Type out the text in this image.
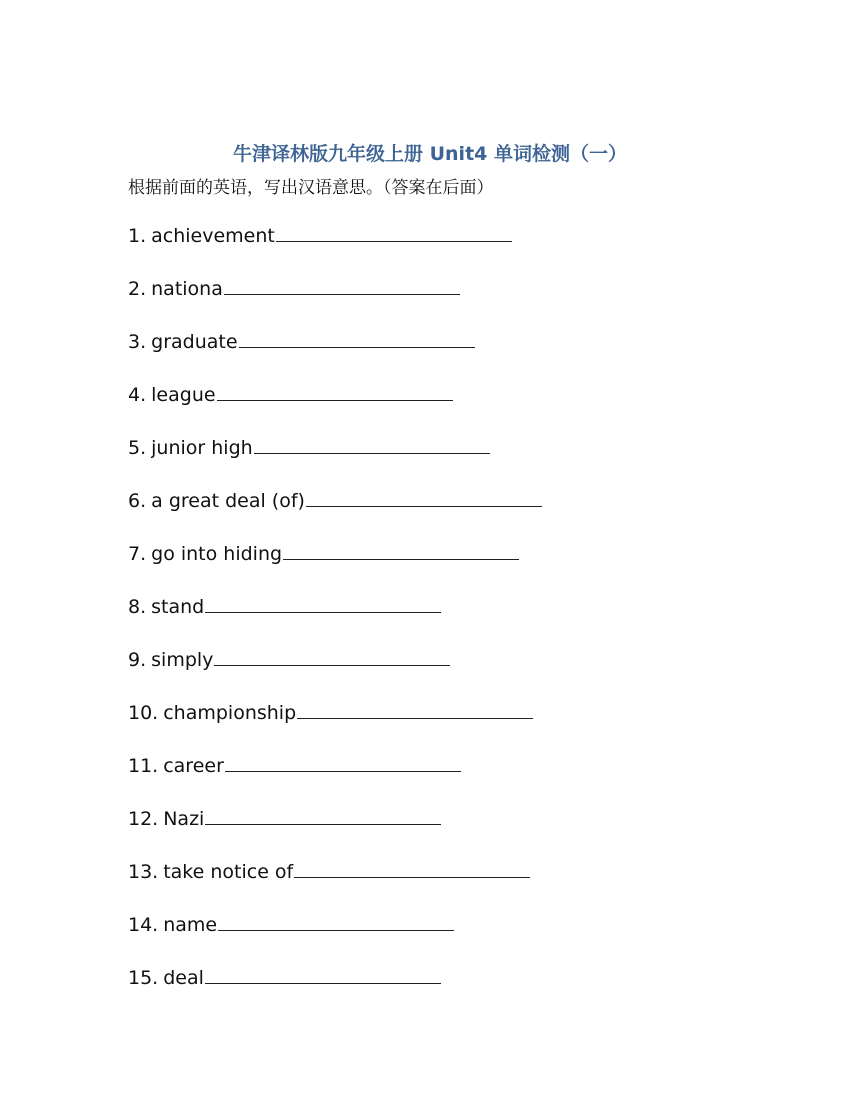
牛津译林版九年级上册 Unit4 单词检测（一）
根据前面的英语，写出汉语意思。（答案在后面）
1. achievement
2. nationa
3. graduate
4. league
5. junior high
6. a great deal (of)
7. go into hiding
8. stand
9. simply
10. championship
11. career
12. Nazi
13. take notice of
14. name
15. deal
